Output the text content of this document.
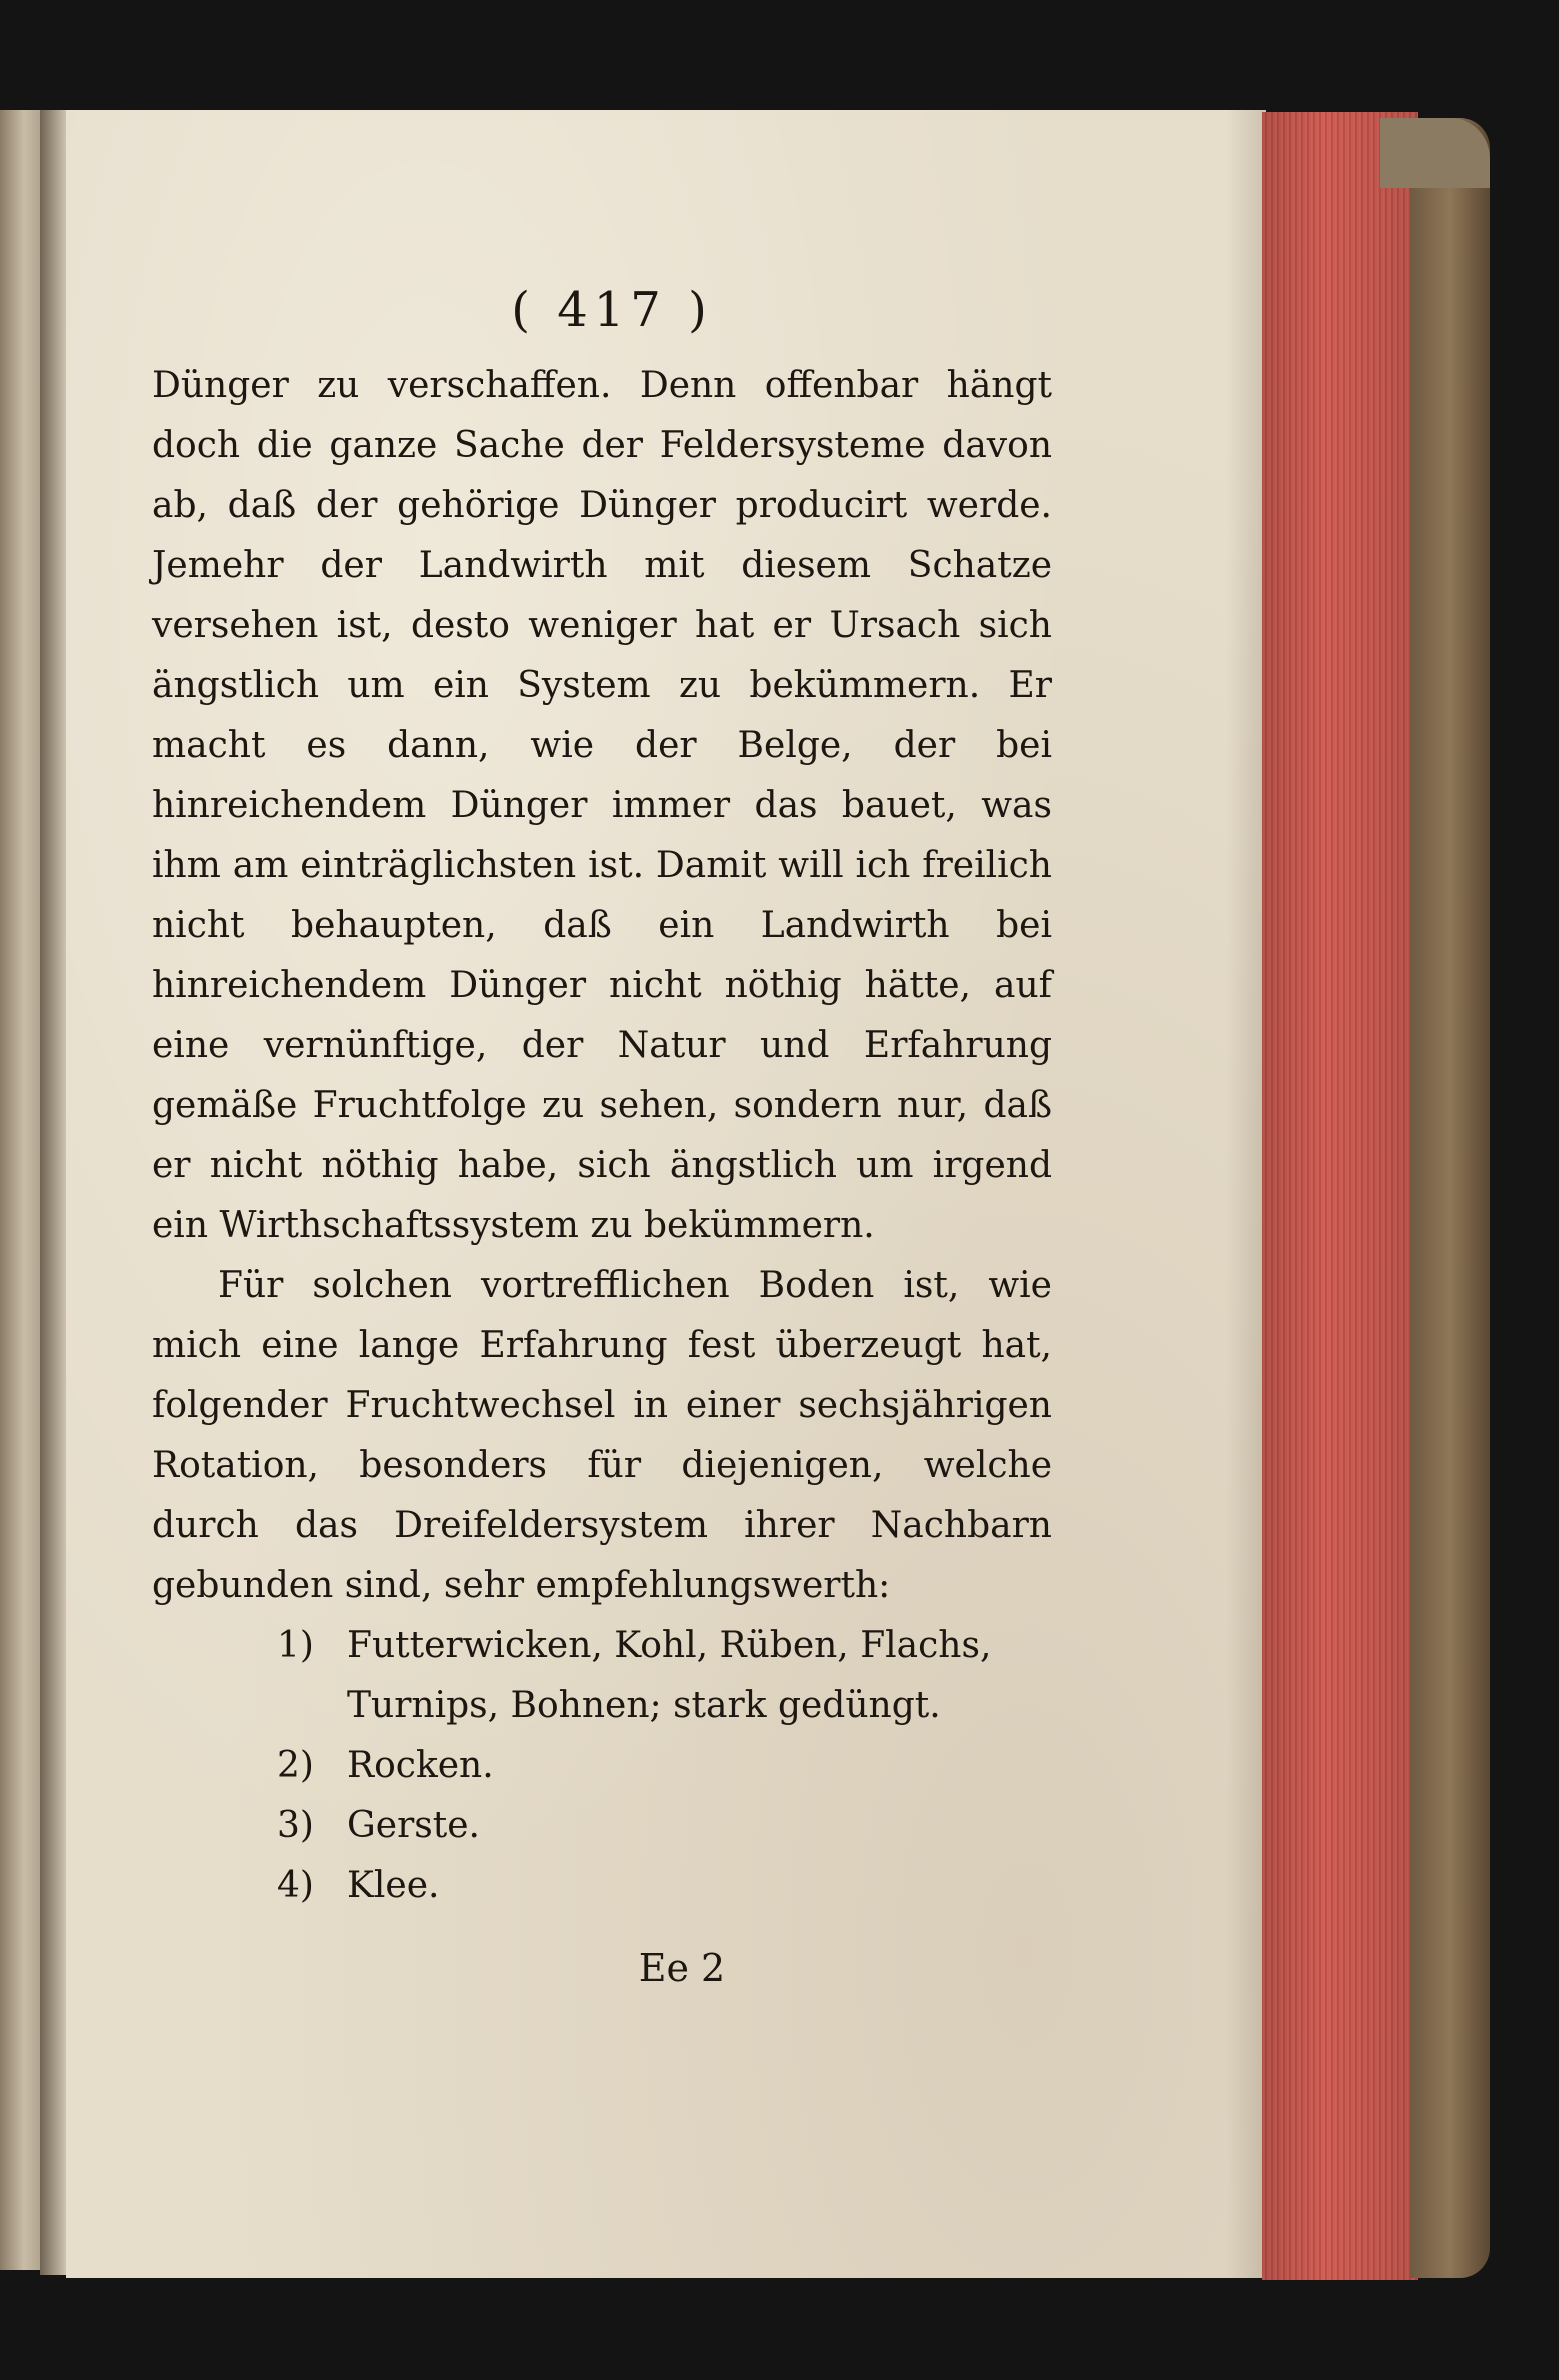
( 417 )

Dünger zu verschaffen. Denn offenbar hängt doch die ganze Sache der Feldersysteme davon ab, daß der gehörige Dünger producirt werde. Jemehr der Landwirth mit diesem Schatze versehen ist, desto weniger hat er Ursach sich ängstlich um ein System zu bekümmern. Er macht es dann, wie der Belge, der bei hinreichendem Dünger immer das bauet, was ihm am einträglichsten ist. Damit will ich freilich nicht behaupten, daß ein Landwirth bei hinreichendem Dünger nicht nöthig hätte, auf eine vernünftige, der Natur und Erfahrung gemäße Fruchtfolge zu sehen, sondern nur, daß er nicht nöthig habe, sich ängstlich um irgend ein Wirthschaftssystem zu bekümmern.

Für solchen vortrefflichen Boden ist, wie mich eine lange Erfahrung fest überzeugt hat, folgender Fruchtwechsel in einer sechsjährigen Rotation, besonders für diejenigen, welche durch das Dreifeldersystem ihrer Nachbarn gebunden sind, sehr empfehlungswerth:

1) Futterwicken, Kohl, Rüben, Flachs, Turnips, Bohnen; stark gedüngt.
2) Rocken.
3) Gerste.
4) Klee.
Ee 2
